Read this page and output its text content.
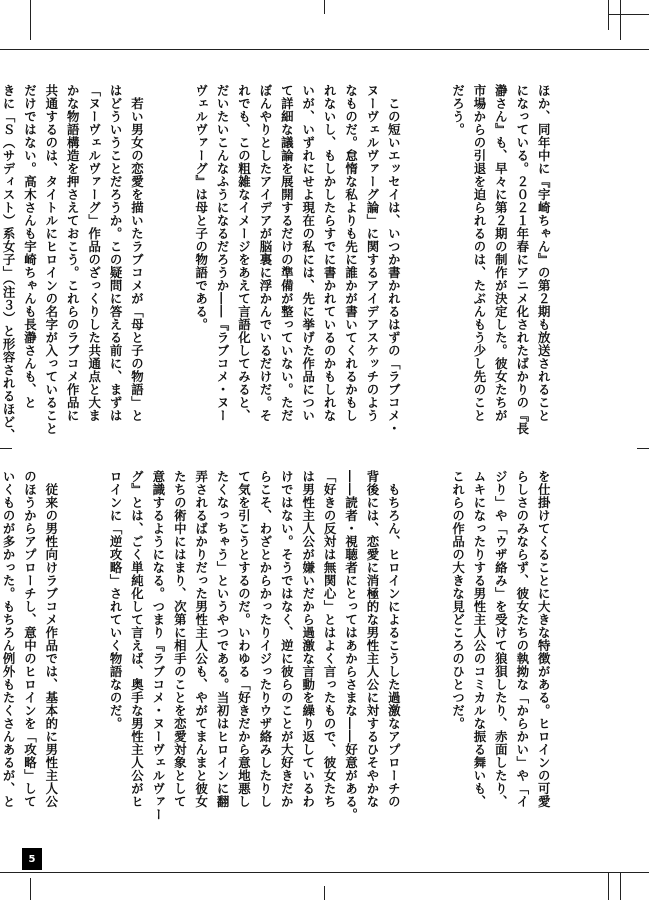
ほか、同年中に『宇崎ちゃん』の第２期も放送されること
になっている。２０２１年春にアニメ化されたばかりの『長
瀞さん』も、早々に第２期の制作が決定した。彼女たちが
市場からの引退を迫られるのは、たぶんもう少し先のこと
だろう。

　この短いエッセイは、いつか書かれるはずの「ラブコメ・
ヌーヴェルヴァーグ論」に関するアイデアスケッチのよう
なものだ。怠惰な私よりも先に誰かが書いてくれるかもし
れないし、もしかしたらすでに書かれているのかもしれな
いが、いずれにせよ現在の私には、先に挙げた作品につい
て詳細な議論を展開するだけの準備が整っていない。ただ
ぼんやりとしたアイデアが脳裏に浮かんでいるだけだ。そ
れでも、この粗雑なイメージをあえて言語化してみると、
だいたいこんなふうになるだろうか――『ラブコメ・ヌー
ヴェルヴァーグ』は母と子の物語である。

　若い男女の恋愛を描いたラブコメが「母と子の物語」と
はどういうことだろうか。この疑問に答える前に、まずは
「ヌーヴェルヴァーグ」作品のざっくりした共通点と大ま
かな物語構造を押さえておこう。これらのラブコメ作品に
共通するのは、タイトルにヒロインの名字が入っていること
だけではない。高木さんも宇崎ちゃんも長瀞さんも、と
きに「Ｓ（サディスト）系女子」（注３）と形容されるほど、

を仕掛けてくることに大きな特徴がある。ヒロインの可愛
らしさのみならず、彼女たちの執拗な「からかい」や「イ
ジり」や「ウザ絡み」を受けて狼狽したり、赤面したり、
ムキになったりする男性主人公のコミカルな振る舞いも、
これらの作品の大きな見どころのひとつだ。

　もちろん、ヒロインによるこうした過激なアプローチの
背後には、恋愛に消極的な男性主人公に対するひそやかな
――読者・視聴者にとってはあからさまな――好意がある。
「好きの反対は無関心」とはよく言ったもので、彼女たち
は男性主人公が嫌いだから過激な言動を繰り返しているわ
けではない。そうではなく、逆に彼らのことが大好きだか
らこそ、わざとからかったりイジったりウザ絡みしたりし
て気を引こうとするのだ。いわゆる「好きだから意地悪し
たくなっちゃう」というやつである。当初はヒロインに翻
弄されるばかりだった男性主人公も、やがてまんまと彼女
たちの術中にはまり、次第に相手のことを恋愛対象として
意識するようになる。つまり『ラブコメ・ヌーヴェルヴァー
グ』とは、ごく単純化して言えば、奥手な男性主人公がヒ
ロインに「逆攻略」されていく物語なのだ。

　従来の男性向けラブコメ作品では、基本的に男性主人公
のほうからアプローチし、意中のヒロインを「攻略」して
いくものが多かった。もちろん例外もたくさんあるが、と

5
